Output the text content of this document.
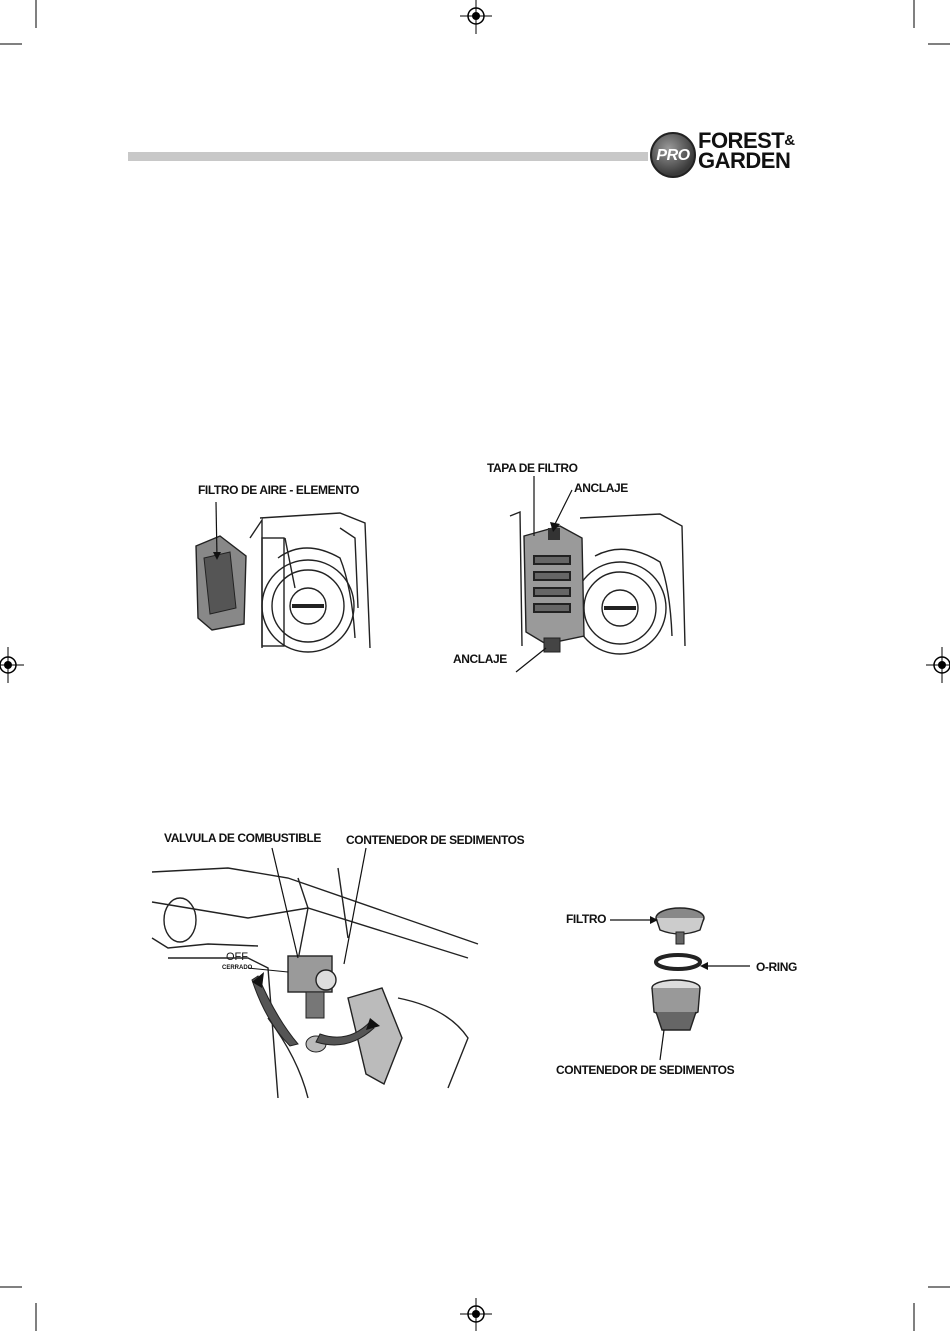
PRO
FOREST&
GARDEN
FILTRO DE AIRE - ELEMENTO
TAPA DE FILTRO
ANCLAJE
ANCLAJE
VALVULA DE COMBUSTIBLE CONTENEDOR DE SEDIMENTOS
OFF
CERRADO
FILTRO
O-RING
CONTENEDOR DE SEDIMENTOS
